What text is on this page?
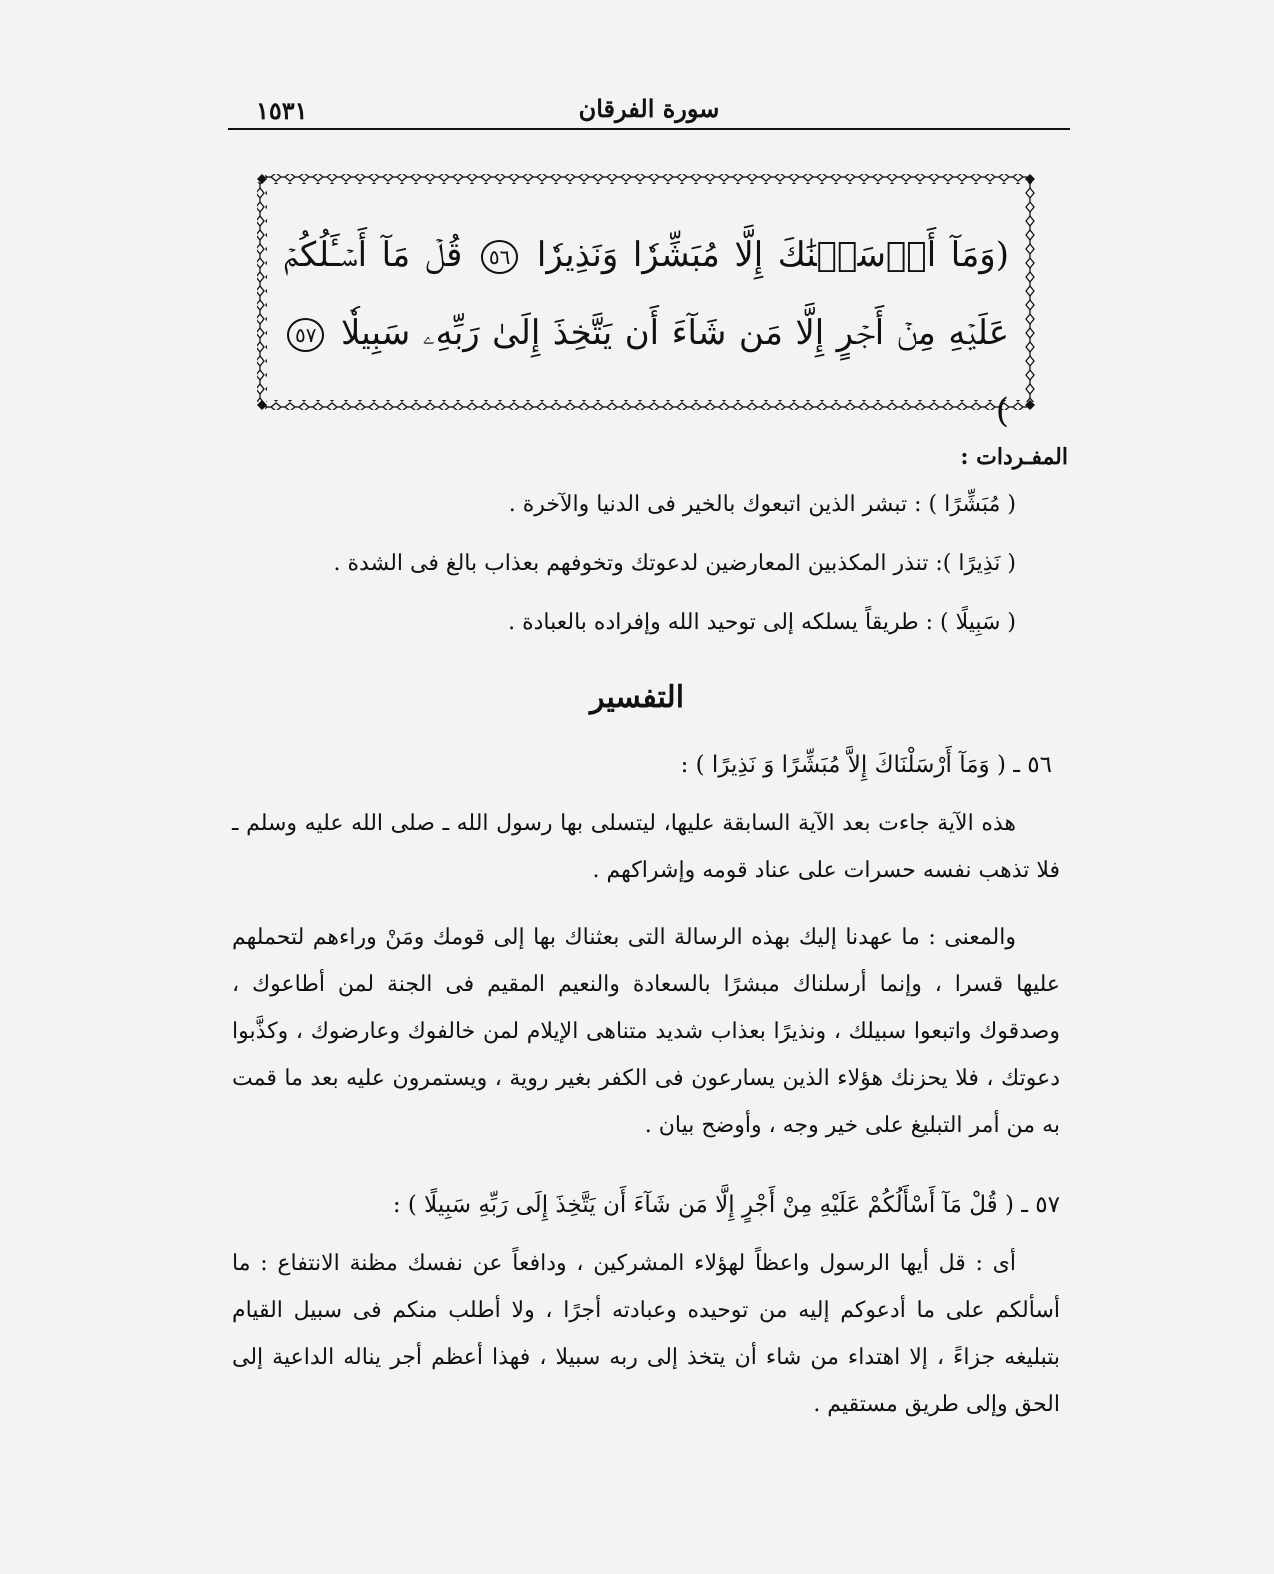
١٥٣١	سورة الفرقان
(وَمَآ أَرۡسَلۡنَٰكَ إِلَّا مُبَشِّرٗا وَنَذِيرٗا ٥٦ قُلۡ مَآ أَسۡـَٔلُكُمۡ عَلَيۡهِ مِنۡ أَجۡرٍ إِلَّا مَن شَآءَ أَن يَتَّخِذَ إِلَىٰ رَبِّهِۦ سَبِيلٗا ٥٧ )
المفـردات :
( مُبَشِّرًا ) : تبشر الذين اتبعوك بالخير فى الدنيا والآخرة .
( نَذِيرًا ): تنذر المكذبين المعارضين لدعوتك وتخوفهم بعذاب بالغ فى الشدة .
( سَبِيلًا ) : طريقاً يسلكه إلى توحيد الله وإفراده بالعبادة .
التفسير
٥٦ ـ ( وَمَآ أَرْسَلْنَاكَ إِلاَّ مُبَشِّرًا وَ نَذِيرًا ) :

هذه الآية جاءت بعد الآية السابقة عليها، ليتسلى بها رسول الله ـ صلى الله عليه وسلم ـ فلا تذهب نفسه حسرات على عناد قومه وإشراكهم .

والمعنى : ما عهدنا إليك بهذه الرسالة التى بعثناك بها إلى قومك ومَنْ وراءهم لتحملهم عليها قسرا ، وإنما أرسلناك مبشرًا بالسعادة والنعيم المقيم فى الجنة لمن أطاعوك ، وصدقوك واتبعوا سبيلك ، ونذيرًا بعذاب شديد متناهى الإيلام لمن خالفوك وعارضوك ، وكذَّبوا دعوتك ، فلا يحزنك هؤلاء الذين يسارعون فى الكفر بغير روية ، ويستمرون عليه بعد ما قمت به من أمر التبليغ على خير وجه ، وأوضح بيان .

٥٧ ـ ( قُلْ مَآ أَسْأَلُكُمْ عَلَيْهِ مِنْ أَجْرٍ إِلَّا مَن شَآءَ أَن يَتَّخِذَ إِلَى رَبِّهِ سَبِيلًا ) :

أى : قل أيها الرسول واعظاً لهؤلاء المشركين ، ودافعاً عن نفسك مظنة الانتفاع : ما أسألكم على ما أدعوكم إليه من توحيده وعبادته أجرًا ، ولا أطلب منكم فى سبيل القيام بتبليغه جزاءً ، إلا اهتداء من شاء أن يتخذ إلى ربه سبيلا ، فهذا أعظم أجر يناله الداعية إلى الحق وإلى طريق مستقيم .
